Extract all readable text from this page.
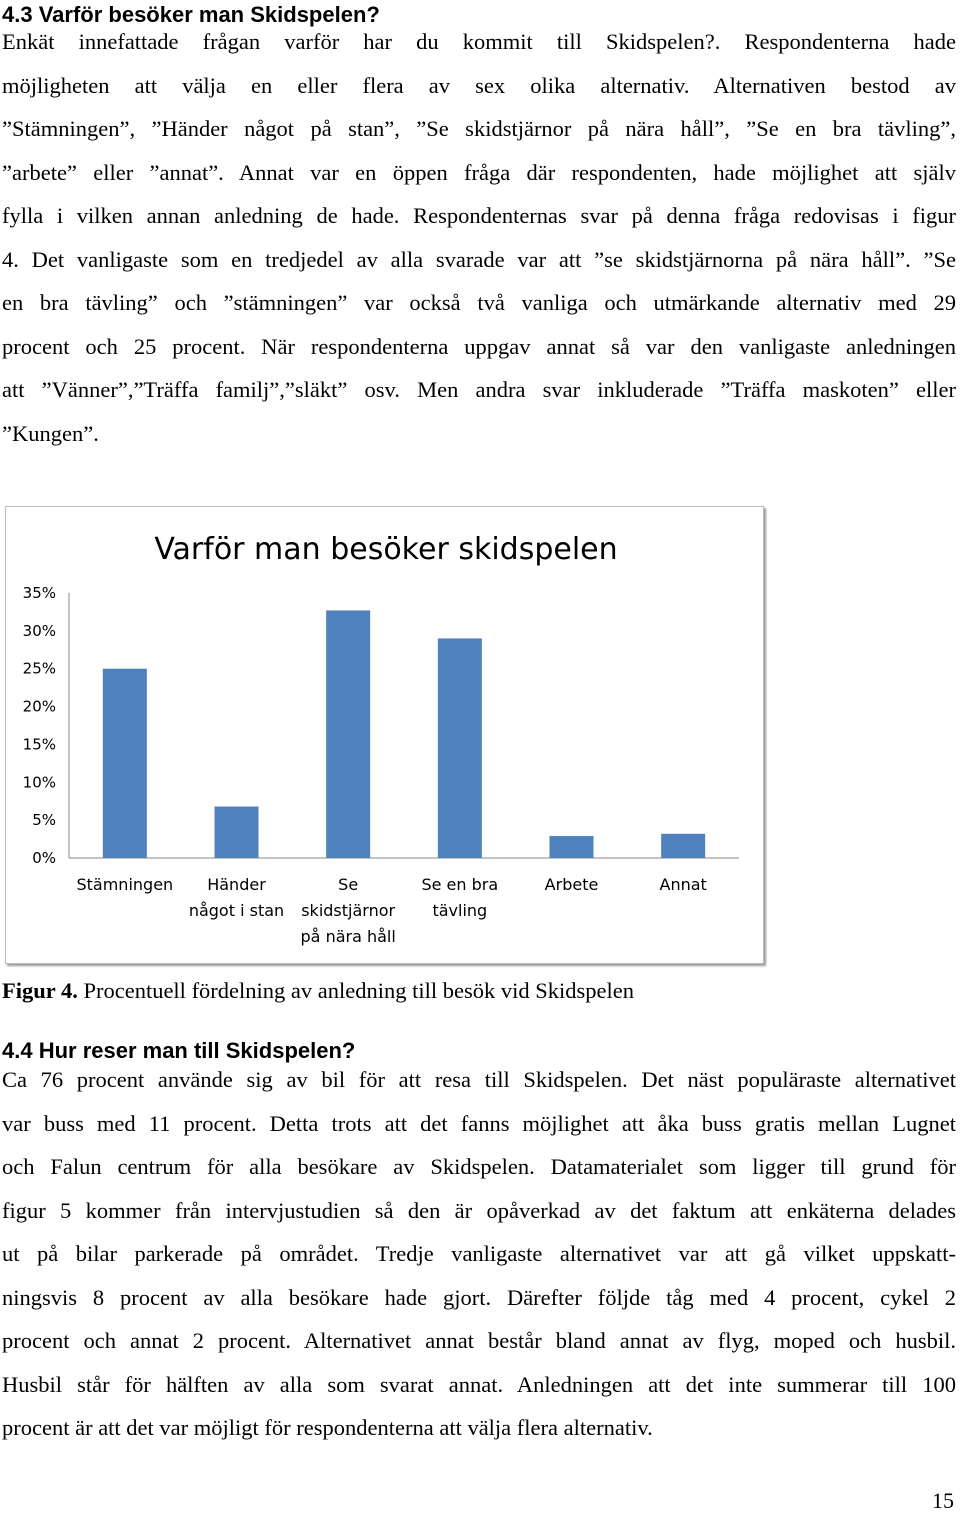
4.3 Varför besöker man Skidspelen?
Enkät innefattade frågan varför har du kommit till Skidspelen?. Respondenterna hade
möjligheten att välja en eller flera av sex olika alternativ. Alternativen bestod av
”Stämningen”, ”Händer något på stan”, ”Se skidstjärnor på nära håll”, ”Se en bra tävling”,
”arbete” eller ”annat”. Annat var en öppen fråga där respondenten, hade möjlighet att själv
fylla i vilken annan anledning de hade. Respondenternas svar på denna fråga redovisas i figur
4. Det vanligaste som en tredjedel av alla svarade var att ”se skidstjärnorna på nära håll”. ”Se
en bra tävling” och ”stämningen” var också två vanliga och utmärkande alternativ med 29
procent och 25 procent. När respondenterna uppgav annat så var den vanligaste anledningen
att ”Vänner”,”Träffa familj”,”släkt” osv. Men andra svar inkluderade ”Träffa maskoten” eller
”Kungen”.
Varför man besöker skidspelen
0%
5%
10%
15%
20%
25%
30%
35%
Stämningen	Händer något i stan
Se skidstjärnor på nära håll
Se en bra tävling
Arbete	Annat
Figur 4. Procentuell fördelning av anledning till besök vid Skidspelen
4.4 Hur reser man till Skidspelen?
Ca 76 procent använde sig av bil för att resa till Skidspelen. Det näst populäraste alternativet
var buss med 11 procent. Detta trots att det fanns möjlighet att åka buss gratis mellan Lugnet
och Falun centrum för alla besökare av Skidspelen. Datamaterialet som ligger till grund för
figur 5 kommer från intervjustudien så den är opåverkad av det faktum att enkäterna delades
ut på bilar parkerade på området. Tredje vanligaste alternativet var att gå vilket uppskatt-
ningsvis 8 procent av alla besökare hade gjort. Därefter följde tåg med 4 procent, cykel 2
procent och annat 2 procent. Alternativet annat består bland annat av flyg, moped och husbil.
Husbil står för hälften av alla som svarat annat. Anledningen att det inte summerar till 100
procent är att det var möjligt för respondenterna att välja flera alternativ.
15
